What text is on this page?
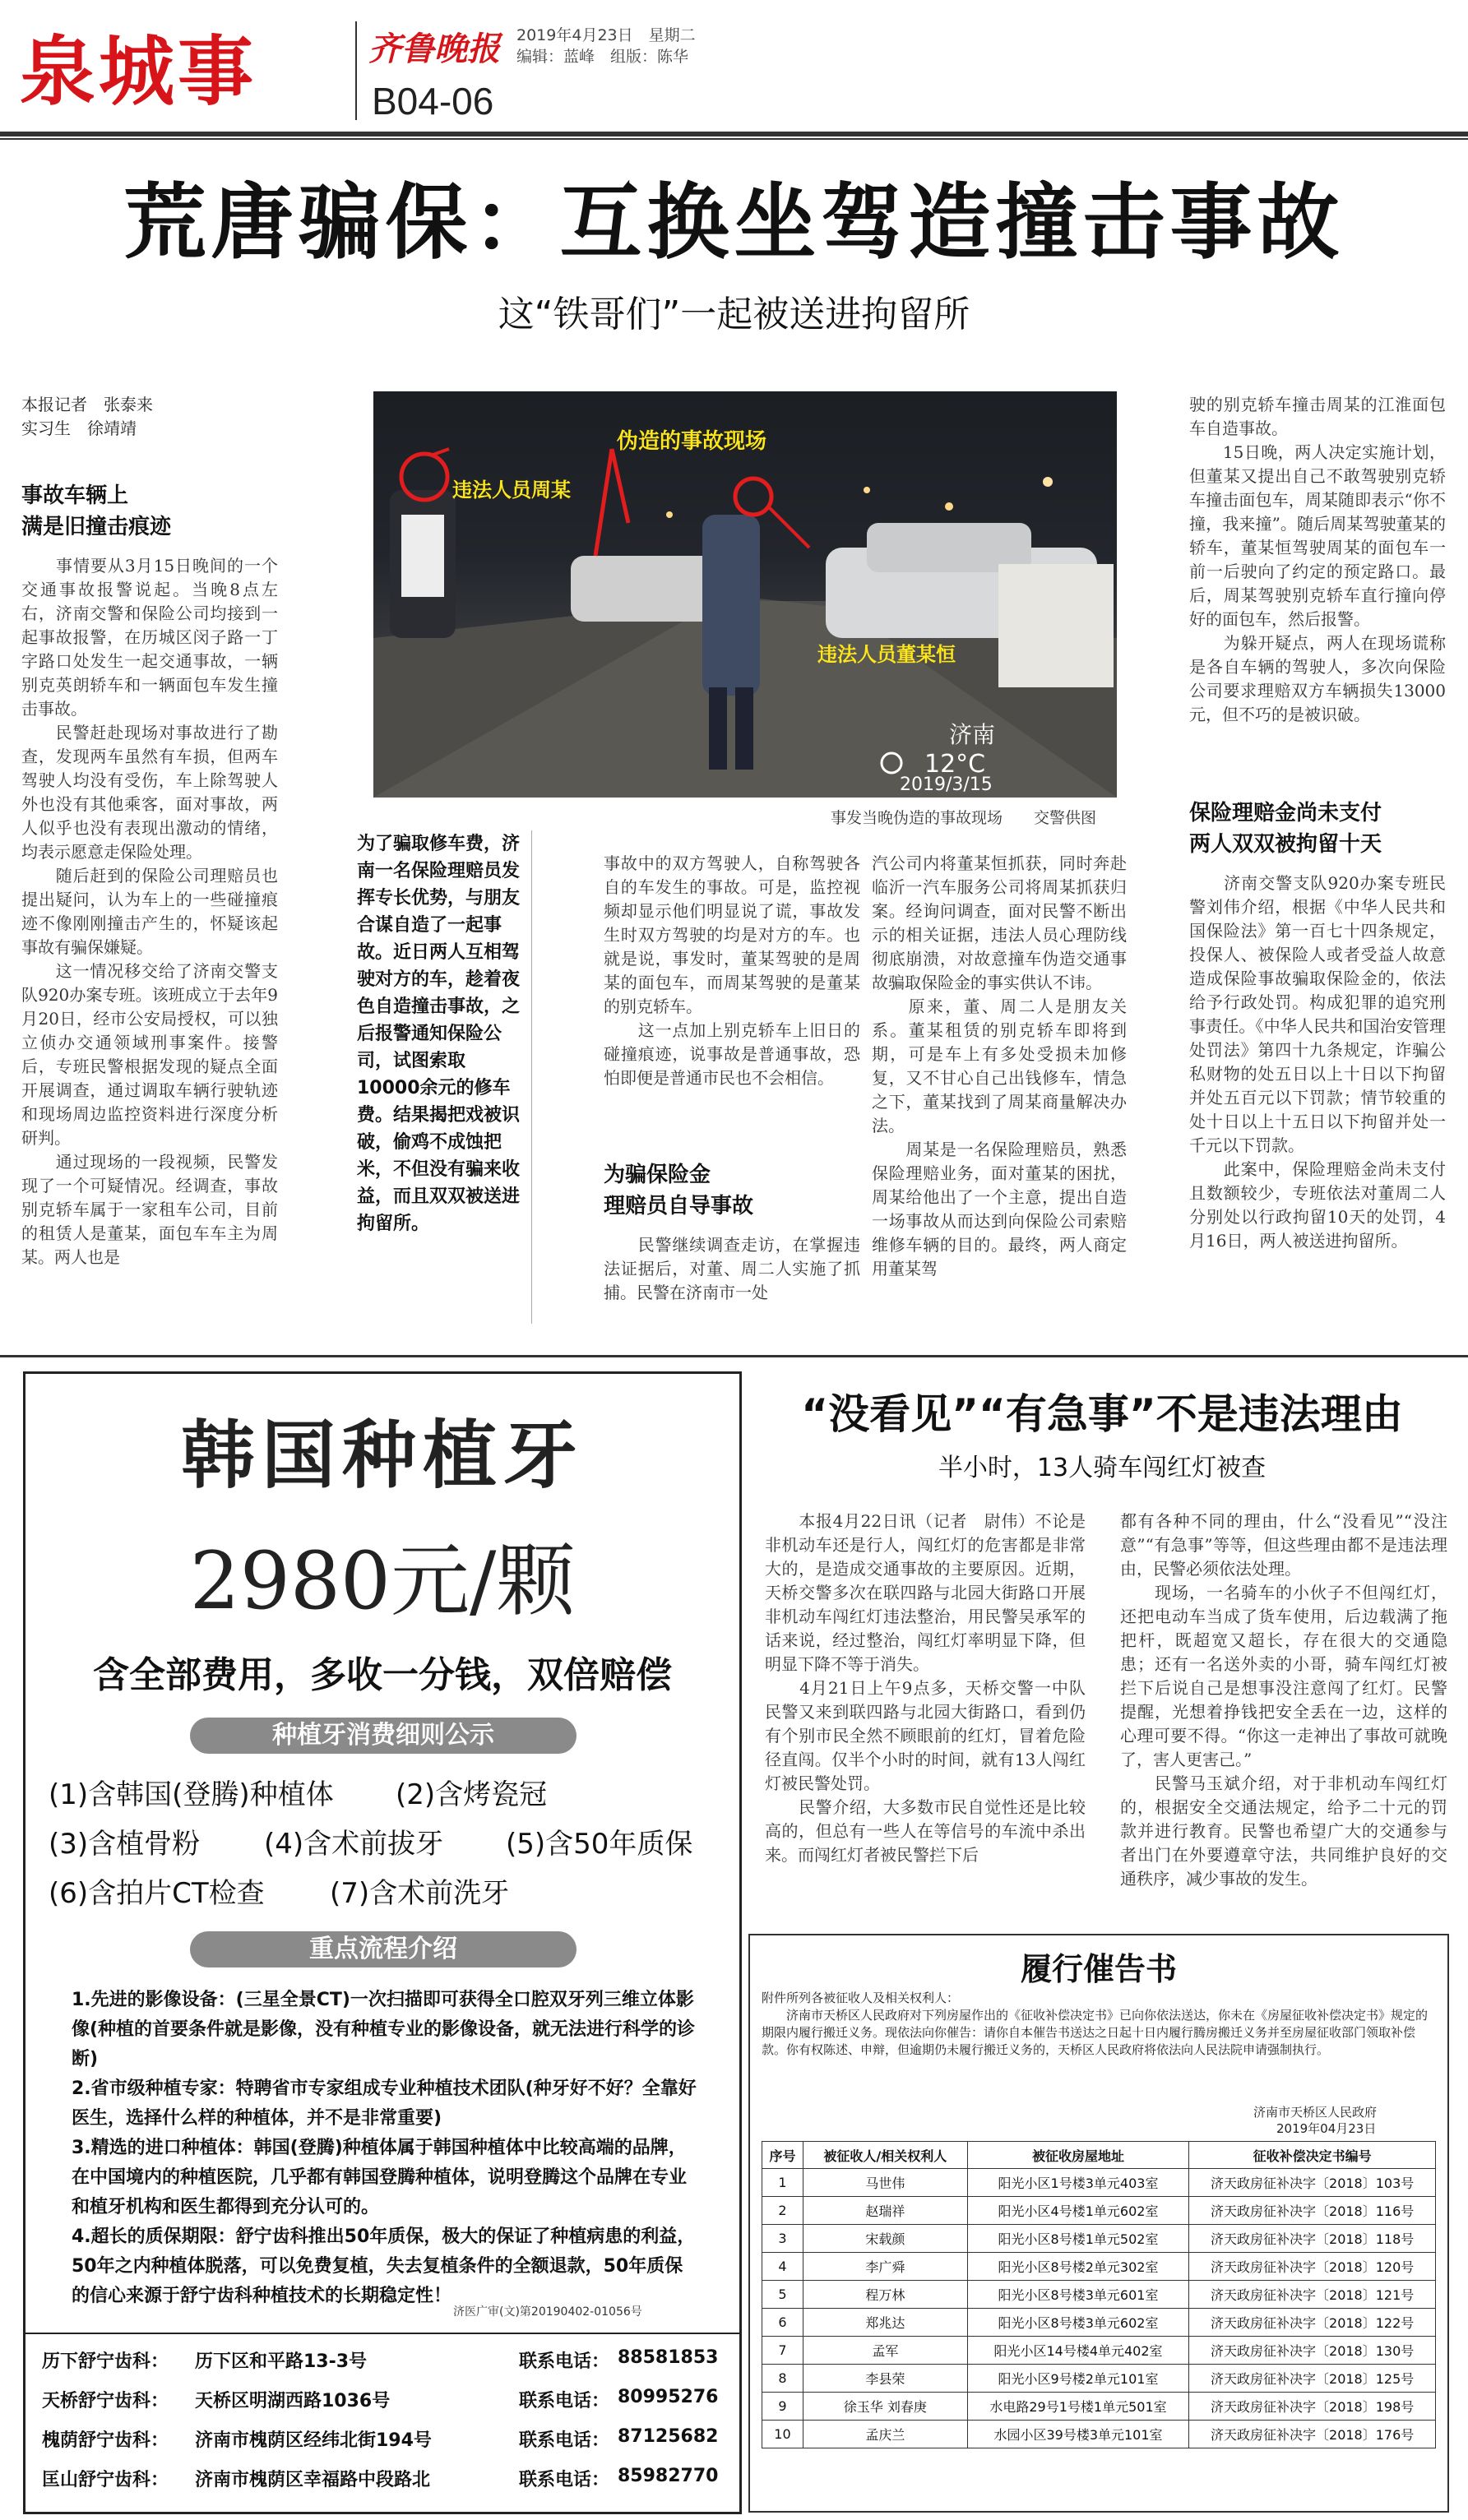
泉城事	齐鲁晚报
B04-06
2019年4月23日　星期二
编辑：蓝峰　组版：陈华
荒唐骗保：互换坐驾造撞击事故
这“铁哥们”一起被送进拘留所
本报记者　张泰来
实习生　徐靖靖
事故车辆上
满是旧撞击痕迹
　　事情要从3月15日晚间的一个交通事故报警说起。当晚8点左右，济南交警和保险公司均接到一起事故报警，在历城区闵子路一丁字路口处发生一起交通事故，一辆别克英朗轿车和一辆面包车发生撞击事故。
　　民警赶赴现场对事故进行了勘查，发现两车虽然有车损，但两车驾驶人均没有受伤，车上除驾驶人外也没有其他乘客，面对事故，两人似乎也没有表现出激动的情绪，均表示愿意走保险处理。
　　随后赶到的保险公司理赔员也提出疑问，认为车上的一些碰撞痕迹不像刚刚撞击产生的，怀疑该起事故有骗保嫌疑。
　　这一情况移交给了济南交警支队920办案专班。该班成立于去年9月20日，经市公安局授权，可以独立侦办交通领域刑事案件。接警后，专班民警根据发现的疑点全面开展调查，通过调取车辆行驶轨迹和现场周边监控资料进行深度分析研判。
　　通过现场的一段视频，民警发现了一个可疑情况。经调查，事故别克轿车属于一家租车公司，目前的租赁人是董某，面包车车主为周某。两人也是
伪造的事故现场
违法人员周某
违法人员董某恒
济南
12°C
2019/3/15
事发当晚伪造的事故现场　　交警供图
为了骗取修车费，济南一名保险理赔员发挥专长优势，与朋友合谋自造了一起事故。近日两人互相驾驶对方的车，趁着夜色自造撞击事故，之后报警通知保险公司，试图索取10000余元的修车费。结果揭把戏被识破，偷鸡不成蚀把米，不但没有骗来收益，而且双双被送进拘留所。
事故中的双方驾驶人，自称驾驶各自的车发生的事故。可是，监控视频却显示他们明显说了谎，事故发生时双方驾驶的均是对方的车。也就是说，事发时，董某驾驶的是周某的面包车，而周某驾驶的是董某的别克轿车。
　　这一点加上别克轿车上旧日的碰撞痕迹，说事故是普通事故，恐怕即便是普通市民也不会相信。
为骗保险金
理赔员自导事故
　　民警继续调查走访，在掌握违法证据后，对董、周二人实施了抓捕。民警在济南市一处
汽公司内将董某恒抓获，同时奔赴临沂一汽车服务公司将周某抓获归案。经询问调查，面对民警不断出示的相关证据，违法人员心理防线彻底崩溃，对故意撞车伪造交通事故骗取保险金的事实供认不讳。
　　原来，董、周二人是朋友关系。董某租赁的别克轿车即将到期，可是车上有多处受损未加修复，又不甘心自己出钱修车，情急之下，董某找到了周某商量解决办法。
　　周某是一名保险理赔员，熟悉保险理赔业务，面对董某的困扰，周某给他出了一个主意，提出自造一场事故从而达到向保险公司索赔维修车辆的目的。最终，两人商定用董某驾
驶的别克轿车撞击周某的江淮面包车自造事故。
　　15日晚，两人决定实施计划，但董某又提出自己不敢驾驶别克轿车撞击面包车，周某随即表示“你不撞，我来撞”。随后周某驾驶董某的轿车，董某恒驾驶周某的面包车一前一后驶向了约定的预定路口。最后，周某驾驶别克轿车直行撞向停好的面包车，然后报警。
　　为躲开疑点，两人在现场谎称是各自车辆的驾驶人，多次向保险公司要求理赔双方车辆损失13000元，但不巧的是被识破。
保险理赔金尚未支付
两人双双被拘留十天
　　济南交警支队920办案专班民警刘伟介绍，根据《中华人民共和国保险法》第一百七十四条规定，投保人、被保险人或者受益人故意造成保险事故骗取保险金的，依法给予行政处罚。构成犯罪的追究刑事责任。《中华人民共和国治安管理处罚法》第四十九条规定，诈骗公私财物的处五日以上十日以下拘留并处五百元以下罚款；情节较重的处十日以上十五日以下拘留并处一千元以下罚款。
　　此案中，保险理赔金尚未支付且数额较少，专班依法对董周二人分别处以行政拘留10天的处罚，4月16日，两人被送进拘留所。
韩国种植牙
2980元/颗
含全部费用，多收一分钱，双倍赔偿
种植牙消费细则公示
(1)含韩国(登腾)种植体 (2)含烤瓷冠
(3)含植骨粉 (4)含术前拔牙 (5)含50年质保
(6)含拍片CT检查 (7)含术前洗牙
重点流程介绍
1.先进的影像设备：(三星全景CT)一次扫描即可获得全口腔双牙列三维立体影像(种植的首要条件就是影像，没有种植专业的影像设备，就无法进行科学的诊断)
2.省市级种植专家：特聘省市专家组成专业种植技术团队(种牙好不好？全靠好医生，选择什么样的种植体，并不是非常重要)
3.精选的进口种植体：韩国(登腾)种植体属于韩国种植体中比较高端的品牌，在中国境内的种植医院，几乎都有韩国登腾种植体，说明登腾这个品牌在专业和植牙机构和医生都得到充分认可的。
4.超长的质保期限：舒宁齿科推出50年质保，极大的保证了种植病患的利益，50年之内种植体脱落，可以免费复植，失去复植条件的全额退款，50年质保的信心来源于舒宁齿科种植技术的长期稳定性！
济医广审(文)第20190402-01056号
历下舒宁齿科： 历下区和平路13-3号	联系电话： 88581853
天桥舒宁齿科： 天桥区明湖西路1036号	联系电话： 80995276
槐荫舒宁齿科： 济南市槐荫区经纬北街194号	联系电话： 87125682
匡山舒宁齿科： 济南市槐荫区幸福路中段路北	联系电话： 85982770
“没看见”“有急事”不是违法理由
半小时，13人骑车闯红灯被查
　　本报4月22日讯（记者　尉伟）不论是非机动车还是行人，闯红灯的危害都是非常大的，是造成交通事故的主要原因。近期，天桥交警多次在联四路与北园大街路口开展非机动车闯红灯违法整治，用民警吴承军的话来说，经过整治，闯红灯率明显下降，但明显下降不等于消失。
　　4月21日上午9点多，天桥交警一中队民警又来到联四路与北园大街路口，看到仍有个别市民全然不顾眼前的红灯，冒着危险径直闯。仅半个小时的时间，就有13人闯红灯被民警处罚。
　　民警介绍，大多数市民自觉性还是比较高的，但总有一些人在等信号的车流中杀出来。而闯红灯者被民警拦下后
都有各种不同的理由，什么“没看见”“没注意”“有急事”等等，但这些理由都不是违法理由，民警必须依法处理。
　　现场，一名骑车的小伙子不但闯红灯，还把电动车当成了货车使用，后边载满了拖把杆，既超宽又超长，存在很大的交通隐患；还有一名送外卖的小哥，骑车闯红灯被拦下后说自己是想事没注意闯了红灯。民警提醒，光想着挣钱把安全丢在一边，这样的心理可要不得。“你这一走神出了事故可就晚了，害人更害己。”
　　民警马玉斌介绍，对于非机动车闯红灯的，根据安全交通法规定，给予二十元的罚款并进行教育。民警也希望广大的交通参与者出门在外要遵章守法，共同维护良好的交通秩序，减少事故的发生。
履行催告书
附件所列各被征收人及相关权利人：
　　济南市天桥区人民政府对下列房屋作出的《征收补偿决定书》已向你依法送达，你未在《房屋征收补偿决定书》规定的期限内履行搬迁义务。现依法向你催告：请你自本催告书送达之日起十日内履行腾房搬迁义务并至房屋征收部门领取补偿款。你有权陈述、申辩，但逾期仍未履行搬迁义务的，天桥区人民政府将依法向人民法院申请强制执行。
济南市天桥区人民政府
2019年04月23日
序号	被征收人/相关权利人	被征收房屋地址	征收补偿决定书编号
1	马世伟	阳光小区1号楼3单元403室	济天政房征补决字〔2018〕103号
2	赵瑞祥	阳光小区4号楼1单元602室	济天政房征补决字〔2018〕116号
3	宋载颜	阳光小区8号楼1单元502室	济天政房征补决字〔2018〕118号
4	李广舜	阳光小区8号楼2单元302室	济天政房征补决字〔2018〕120号
5	程万林	阳光小区8号楼3单元601室	济天政房征补决字〔2018〕121号
6	郑兆达	阳光小区8号楼3单元602室	济天政房征补决字〔2018〕122号
7	孟军	阳光小区14号楼4单元402室	济天政房征补决字〔2018〕130号
8	李县荣	阳光小区9号楼2单元101室	济天政房征补决字〔2018〕125号
9	徐玉华 刘春庚	水电路29号1号楼1单元501室	济天政房征补决字〔2018〕198号
10	孟庆兰	水园小区39号楼3单元101室	济天政房征补决字〔2018〕176号
